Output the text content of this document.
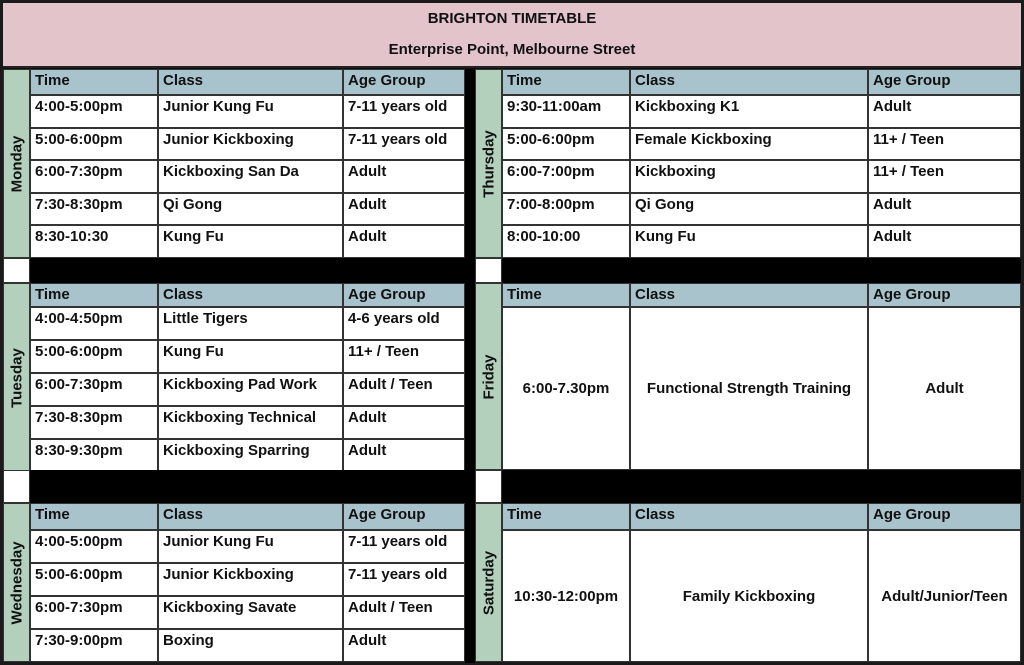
BRIGHTON TIMETABLE
Enterprise Point, Melbourne Street
Monday
Time	Class	Age Group
4:00-5:00pm	Junior Kung Fu	7-11 years old
5:00-6:00pm	Junior Kickboxing	7-11 years old
6:00-7:30pm	Kickboxing San Da	Adult
7:30-8:30pm	Qi Gong	Adult
8:30-10:30	Kung Fu	Adult
Tuesday
Time	Class	Age Group
4:00-4:50pm	Little Tigers	4-6 years old
5:00-6:00pm	Kung Fu	11+ / Teen
6:00-7:30pm	Kickboxing Pad Work	Adult / Teen
7:30-8:30pm	Kickboxing Technical	Adult
8:30-9:30pm	Kickboxing Sparring	Adult
Wednesday
Time	Class	Age Group
4:00-5:00pm	Junior Kung Fu	7-11 years old
5:00-6:00pm	Junior Kickboxing	7-11 years old
6:00-7:30pm	Kickboxing Savate	Adult / Teen
7:30-9:00pm	Boxing	Adult
Thursday
Time	Class	Age Group
9:30-11:00am	Kickboxing K1	Adult
5:00-6:00pm	Female Kickboxing	11+ / Teen
6:00-7:00pm	Kickboxing	11+ / Teen
7:00-8:00pm	Qi Gong	Adult
8:00-10:00	Kung Fu	Adult
Friday
Time	Class	Age Group
6:00-7.30pm	Functional Strength Training	Adult
Saturday
Time	Class	Age Group
10:30-12:00pm	Family Kickboxing	Adult/Junior/Teen
